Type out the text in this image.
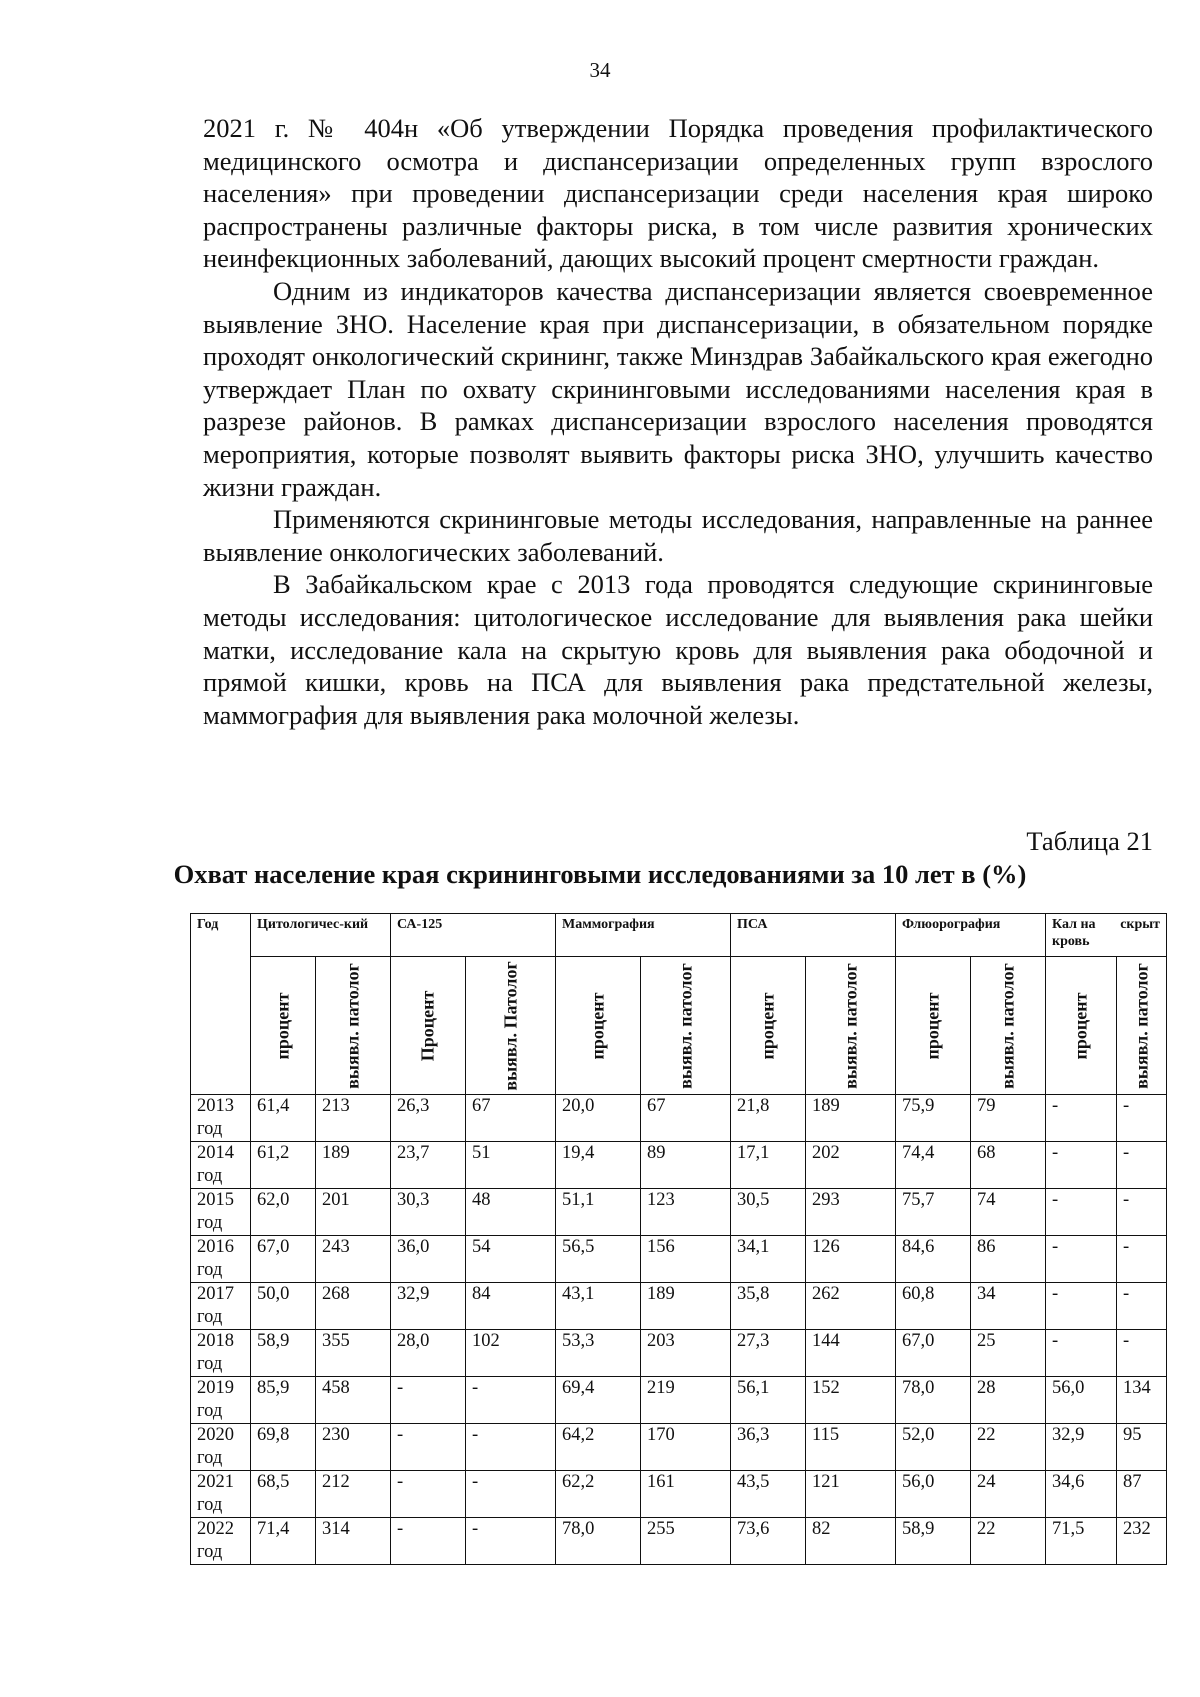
34

2021 г. № 404н «Об утверждении Порядка проведения профилактического медицинского осмотра и диспансеризации определенных групп взрослого населения» при проведении диспансеризации среди населения края широко распространены различные факторы риска, в том числе развития хронических неинфекционных заболеваний, дающих высокий процент смертности граждан.

Одним из индикаторов качества диспансеризации является своевременное выявление ЗНО. Население края при диспансеризации, в обязательном порядке проходят онкологический скрининг, также Минздрав Забайкальского края ежегодно утверждает План по охвату скрининговыми исследованиями населения края в разрезе районов. В рамках диспансеризации взрослого населения проводятся мероприятия, которые позволят выявить факторы риска ЗНО, улучшить качество жизни граждан.

Применяются скрининговые методы исследования, направленные на раннее выявление онкологических заболеваний.

В Забайкальском крае с 2013 года проводятся следующие скрининговые методы исследования: цитологическое исследование для выявления рака шейки матки, исследование кала на скрытую кровь для выявления рака ободочной и прямой кишки, кровь на ПСА для выявления рака предстательной железы, маммография для выявления рака молочной железы.

Таблица 21
Охват население края скрининговыми исследованиями за 10 лет в (%)
Год	Цитологичес-кий		СА-125		Маммография		ПСА		Флюорография		Кал на скрыт
кровь	

	процент	выявл. патолог	Процент	выявл. Патолог	процент	выявл. патолог	процент	выявл. патолог	процент	выявл. патолог	процент	выявл. патолог

2013 год	61,4	213	26,3	67	20,0	67	21,8	189	75,9	79	-	-
2014 год	61,2	189	23,7	51	19,4	89	17,1	202	74,4	68	-	-
2015 год	62,0	201	30,3	48	51,1	123	30,5	293	75,7	74	-	-
2016 год	67,0	243	36,0	54	56,5	156	34,1	126	84,6	86	-	-
2017 год	50,0	268	32,9	84	43,1	189	35,8	262	60,8	34	-	-
2018 год	58,9	355	28,0	102	53,3	203	27,3	144	67,0	25	-	-
2019 год	85,9	458	-	-	69,4	219	56,1	152	78,0	28	56,0	134
2020 год	69,8	230	-	-	64,2	170	36,3	115	52,0	22	32,9	95
2021 год	68,5	212	-	-	62,2	161	43,5	121	56,0	24	34,6	87
2022 год	71,4	314	-	-	78,0	255	73,6	82	58,9	22	71,5	232
